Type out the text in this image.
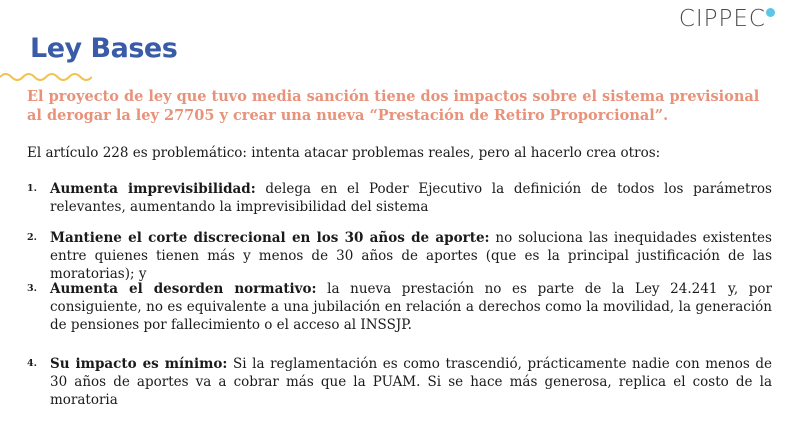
CIPPEC
Ley Bases

El proyecto de ley que tuvo media sanción tiene dos impactos sobre el sistema previsional al derogar la ley 27705 y crear una nueva “Prestación de Retiro Proporcional”.

El artículo 228 es problemático: intenta atacar problemas reales, pero al hacerlo crea otros:

1. Aumenta imprevisibilidad: delega en el Poder Ejecutivo la definición de todos los parámetros relevantes, aumentando la imprevisibilidad del sistema
2. Mantiene el corte discrecional en los 30 años de aporte: no soluciona las inequidades existentes entre quienes tienen más y menos de 30 años de aportes (que es la principal justificación de las moratorias); y
3. Aumenta el desorden normativo: la nueva prestación no es parte de la Ley 24.241 y, por consiguiente, no es equivalente a una jubilación en relación a derechos como la movilidad, la generación de pensiones por fallecimiento o el acceso al INSSJP.
4. Su impacto es mínimo: Si la reglamentación es como trascendió, prácticamente nadie con menos de 30 años de aportes va a cobrar más que la PUAM. Si se hace más generosa, replica el costo de la moratoria
